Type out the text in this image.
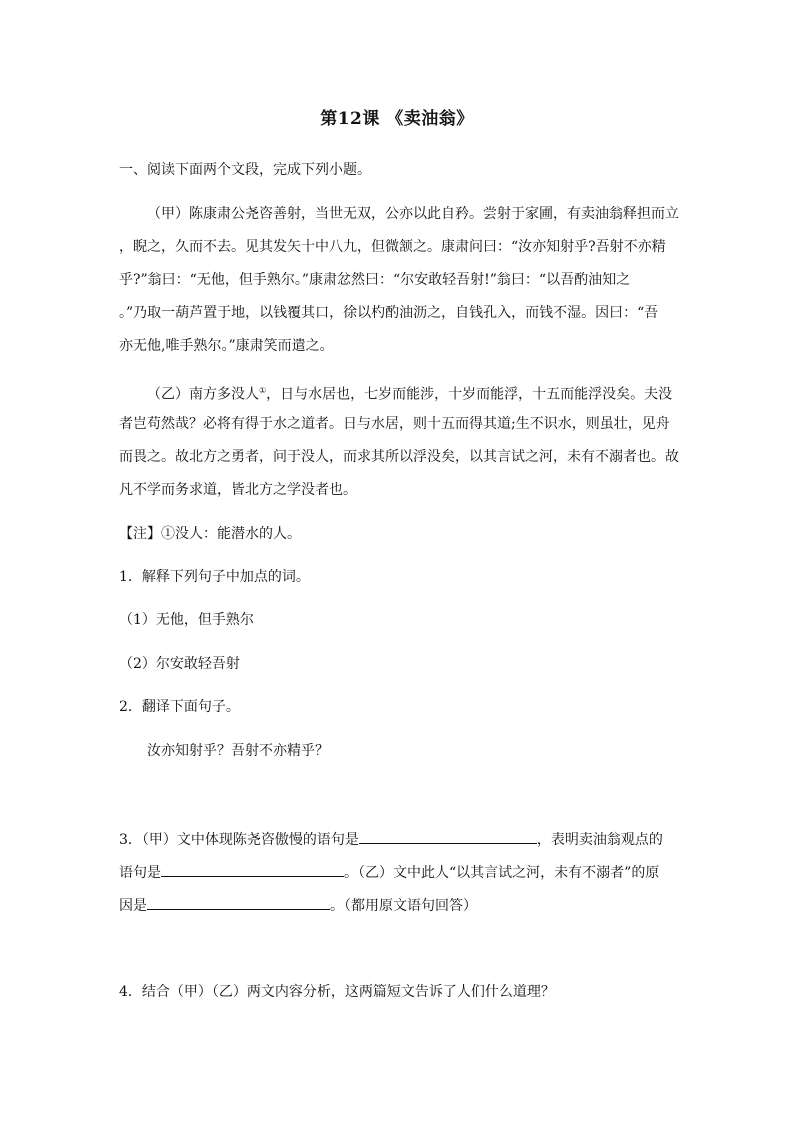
第12课 《卖油翁》
一、阅读下面两个文段，完成下列小题。
（甲）陈康肃公尧咨善射，当世无双，公亦以此自矜。尝射于家圃，有卖油翁释担而立
，睨之，久而不去。见其发矢十中八九，但微颔之。康肃问曰：“汝亦知射乎?吾射不亦精
乎?”翁曰：“无他，但手熟尔。”康肃忿然曰：“尔安敢轻吾射!”翁曰：“以吾酌油知之
。”乃取一葫芦置于地，以钱覆其口，徐以杓酌油沥之，自钱孔入，而钱不湿。因曰：“吾
亦无他,唯手熟尔。”康肃笑而遣之。
（乙）南方多没人①，日与水居也，七岁而能涉，十岁而能浮，十五而能浮没矣。夫没
者岂苟然哉？必将有得于水之道者。日与水居，则十五而得其道;生不识水，则虽壮，见舟
而畏之。故北方之勇者，问于没人，而求其所以浮没矣，以其言试之河，未有不溺者也。故
凡不学而务求道，皆北方之学没者也。
【注】①没人：能潜水的人。
1．解释下列句子中加点的词。
（1）无他，但手熟尔
（2）尔安敢轻吾射
2．翻译下面句子。
汝亦知射乎？吾射不亦精乎？
3．（甲）文中体现陈尧咨傲慢的语句是	，表明卖油翁观点的
语句是	。（乙）文中此人“以其言试之河，未有不溺者”的原
因是	。（都用原文语句回答）
4．结合（甲）（乙）两文内容分析，这两篇短文告诉了人们什么道理？
